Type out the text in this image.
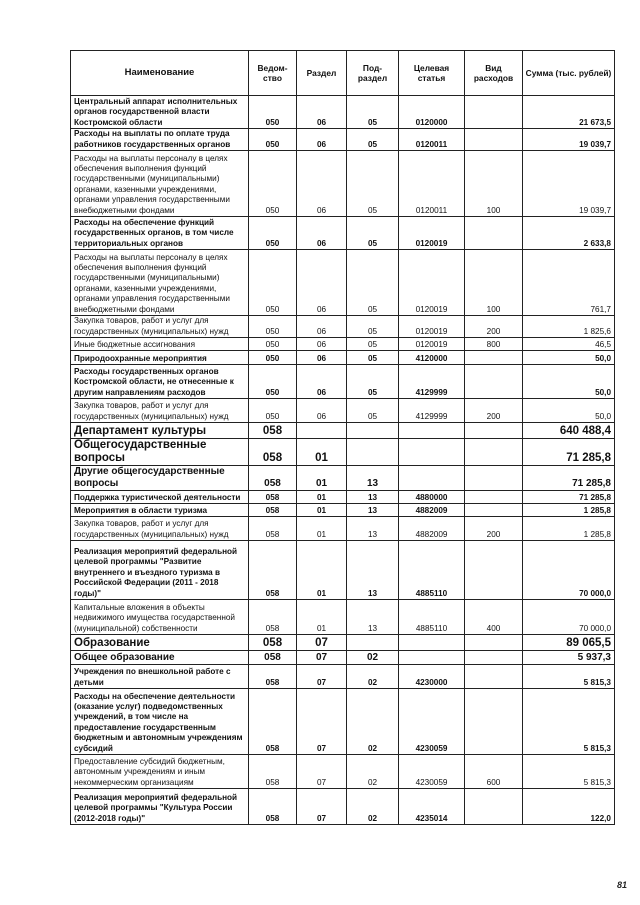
Наименование	Ведом-ство	Раздел	Под-раздел	Целевая статья	Вид расходов	Сумма (тыс. рублей)
Центральный аппарат исполнительных органов государственной власти Костромской области	050	06	05	0120000		21 673,5
Расходы на выплаты по оплате труда работников государственных органов	050	06	05	0120011		19 039,7
Расходы на выплаты персоналу в целях обеспечения выполнения функций государственными (муниципальными) органами, казенными учреждениями, органами управления государственными внебюджетными фондами	050	06	05	0120011	100	19 039,7
Расходы на обеспечение функций государственных органов, в том числе территориальных органов	050	06	05	0120019		2 633,8
Расходы на выплаты персоналу в целях обеспечения выполнения функций государственными (муниципальными) органами, казенными учреждениями, органами управления государственными внебюджетными фондами	050	06	05	0120019	100	761,7
Закупка товаров, работ и услуг для государственных (муниципальных) нужд	050	06	05	0120019	200	1 825,6
Иные бюджетные ассигнования	050	06	05	0120019	800	46,5
Природоохранные мероприятия	050	06	05	4120000		50,0
Расходы государственных органов Костромской области, не отнесенные к другим направлениям расходов	050	06	05	4129999		50,0
Закупка товаров, работ и услуг для государственных (муниципальных) нужд	050	06	05	4129999	200	50,0
Департамент культуры	058					640 488,4
Общегосударственные вопросы	058	01				71 285,8
Другие общегосударственные вопросы	058	01	13			71 285,8
Поддержка туристической деятельности	058	01	13	4880000		71 285,8
Мероприятия в области туризма	058	01	13	4882009		1 285,8
Закупка товаров, работ и услуг для государственных (муниципальных) нужд	058	01	13	4882009	200	1 285,8
Реализация мероприятий федеральной целевой программы "Развитие внутреннего и въездного туризма в Российской Федерации (2011 - 2018 годы)"	058	01	13	4885110		70 000,0
Капитальные вложения в объекты недвижимого имущества государственной (муниципальной) собственности	058	01	13	4885110	400	70 000,0
Образование	058	07				89 065,5
Общее образование	058	07	02			5 937,3
Учреждения по внешкольной работе с детьми	058	07	02	4230000		5 815,3
Расходы на обеспечение деятельности (оказание услуг) подведомственных учреждений, в том числе на предоставление государственным бюджетным и автономным учреждениям субсидий	058	07	02	4230059		5 815,3
Предоставление субсидий бюджетным, автономным учреждениям и иным некоммерческим организациям	058	07	02	4230059	600	5 815,3
Реализация мероприятий федеральной целевой программы "Культура России (2012-2018 годы)"	058	07	02	4235014		122,0
81
